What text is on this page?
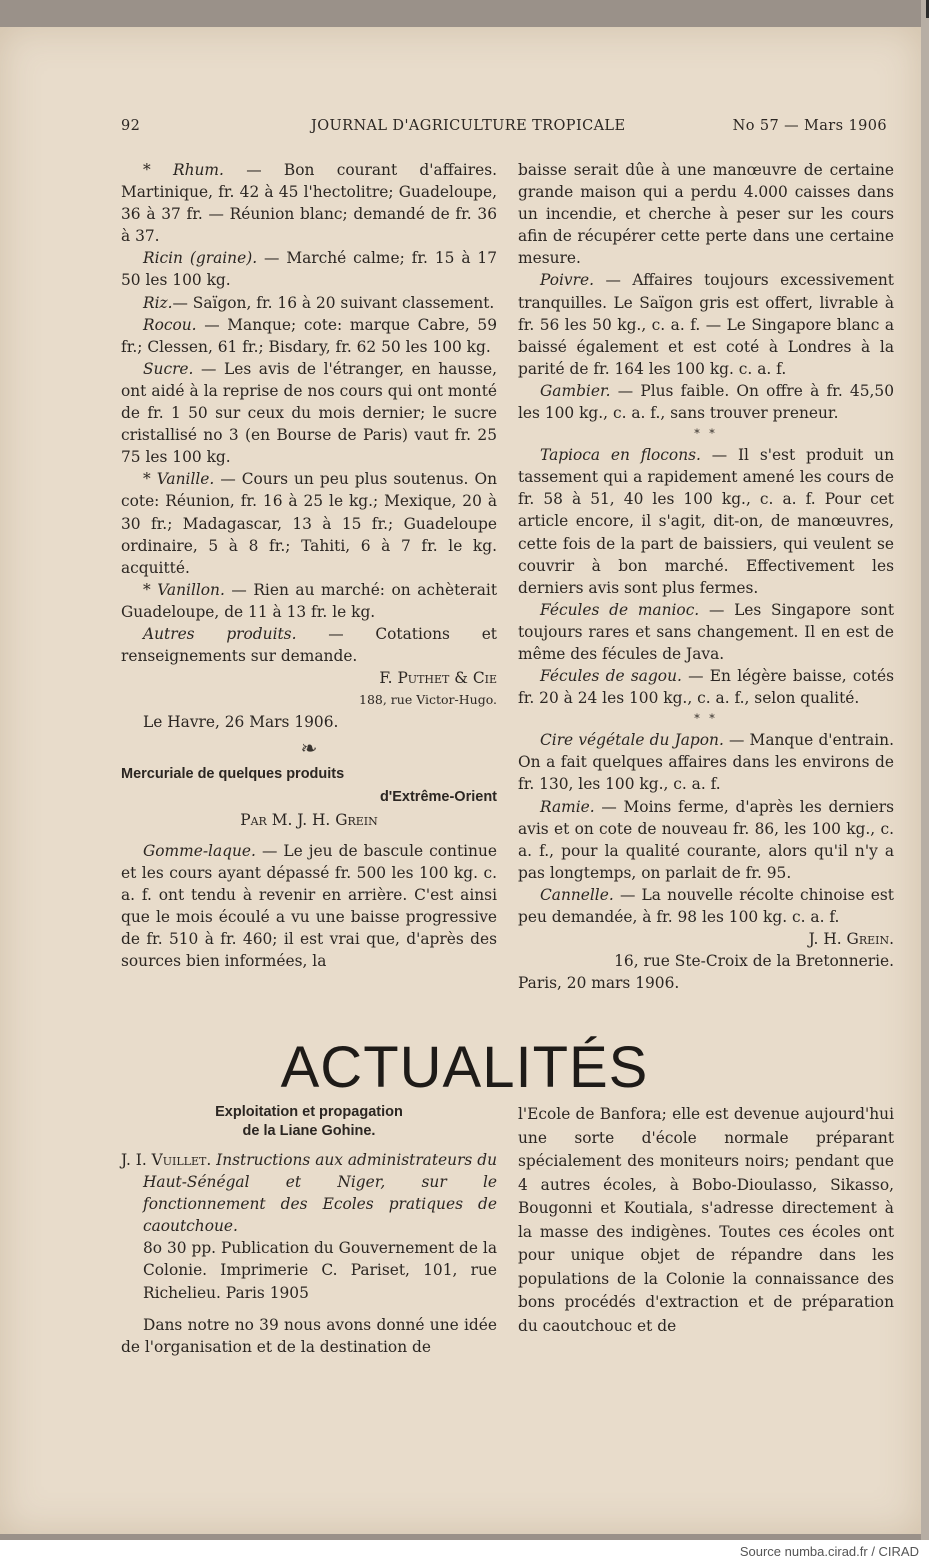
92	JOURNAL D'AGRICULTURE TROPICALE	No 57 — Mars 1906

* Rhum. — Bon courant d'affaires. Martinique, fr. 42 à 45 l'hectolitre; Guadeloupe, 36 à 37 fr. — Réunion blanc; demandé de fr. 36 à 37.

Ricin (graine). — Marché calme; fr. 15 à 17 50 les 100 kg.

Riz.— Saïgon, fr. 16 à 20 suivant classement.

Rocou. — Manque; cote: marque Cabre, 59 fr.; Clessen, 61 fr.; Bisdary, fr. 62 50 les 100 kg.

Sucre. — Les avis de l'étranger, en hausse, ont aidé à la reprise de nos cours qui ont monté de fr. 1 50 sur ceux du mois dernier; le sucre cristallisé no 3 (en Bourse de Paris) vaut fr. 25 75 les 100 kg.

* Vanille. — Cours un peu plus soutenus. On cote: Réunion, fr. 16 à 25 le kg.; Mexique, 20 à 30 fr.; Madagascar, 13 à 15 fr.; Guadeloupe ordinaire, 5 à 8 fr.; Tahiti, 6 à 7 fr. le kg. acquitté.

* Vanillon. — Rien au marché: on achèterait Guadeloupe, de 11 à 13 fr. le kg.

Autres produits. — Cotations et renseignements sur demande.

F. Puthet & Cie

188, rue Victor-Hugo.

Le Havre, 26 Mars 1906.

❧

Mercuriale de quelques produits

d'Extrême-Orient

Par M. J. H. Grein

Gomme-laque. — Le jeu de bascule continue et les cours ayant dépassé fr. 500 les 100 kg. c. a. f. ont tendu à revenir en arrière. C'est ainsi que le mois écoulé a vu une baisse progressive de fr. 510 à fr. 460; il est vrai que, d'après des sources bien informées, la

baisse serait dûe à une manœuvre de certaine grande maison qui a perdu 4.000 caisses dans un incendie, et cherche à peser sur les cours afin de récupérer cette perte dans une certaine mesure.

Poivre. — Affaires toujours excessivement tranquilles. Le Saïgon gris est offert, livrable à fr. 56 les 50 kg., c. a. f. — Le Singapore blanc a baissé également et est coté à Londres à la parité de fr. 164 les 100 kg. c. a. f.

Gambier. — Plus faible. On offre à fr. 45,50 les 100 kg., c. a. f., sans trouver preneur.

* *

Tapioca en flocons. — Il s'est produit un tassement qui a rapidement amené les cours de fr. 58 à 51, 40 les 100 kg., c. a. f. Pour cet article encore, il s'agit, dit-on, de manœuvres, cette fois de la part de baissiers, qui veulent se couvrir à bon marché. Effectivement les derniers avis sont plus fermes.

Fécules de manioc. — Les Singapore sont toujours rares et sans changement. Il en est de même des fécules de Java.

Fécules de sagou. — En légère baisse, cotés fr. 20 à 24 les 100 kg., c. a. f., selon qualité.

* *

Cire végétale du Japon. — Manque d'entrain. On a fait quelques affaires dans les environs de fr. 130, les 100 kg., c. a. f.

Ramie. — Moins ferme, d'après les derniers avis et on cote de nouveau fr. 86, les 100 kg., c. a. f., pour la qualité courante, alors qu'il n'y a pas longtemps, on parlait de fr. 95.

Cannelle. — La nouvelle récolte chinoise est peu demandée, à fr. 98 les 100 kg. c. a. f.

J. H. Grein.

16, rue Ste-Croix de la Bretonnerie.

Paris, 20 mars 1906.

ACTUALITÉS

Exploitation et propagation

de la Liane Gohine.

J. I. Vuillet. Instructions aux administrateurs du Haut-Sénégal et Niger, sur le fonctionnement des Ecoles pratiques de caoutchoue.

8o 30 pp. Publication du Gouvernement de la Colonie. Imprimerie C. Pariset, 101, rue Richelieu. Paris 1905

Dans notre no 39 nous avons donné une idée de l'organisation et de la destination de

l'Ecole de Banfora; elle est devenue aujourd'hui une sorte d'école normale préparant spécialement des moniteurs noirs; pendant que 4 autres écoles, à Bobo-Dioulasso, Sikasso, Bougonni et Koutiala, s'adresse directement à la masse des indigènes. Toutes ces écoles ont pour unique objet de répandre dans les populations de la Colonie la connaissance des bons procédés d'extraction et de préparation du caoutchouc et de

Source numba.cirad.fr / CIRAD
